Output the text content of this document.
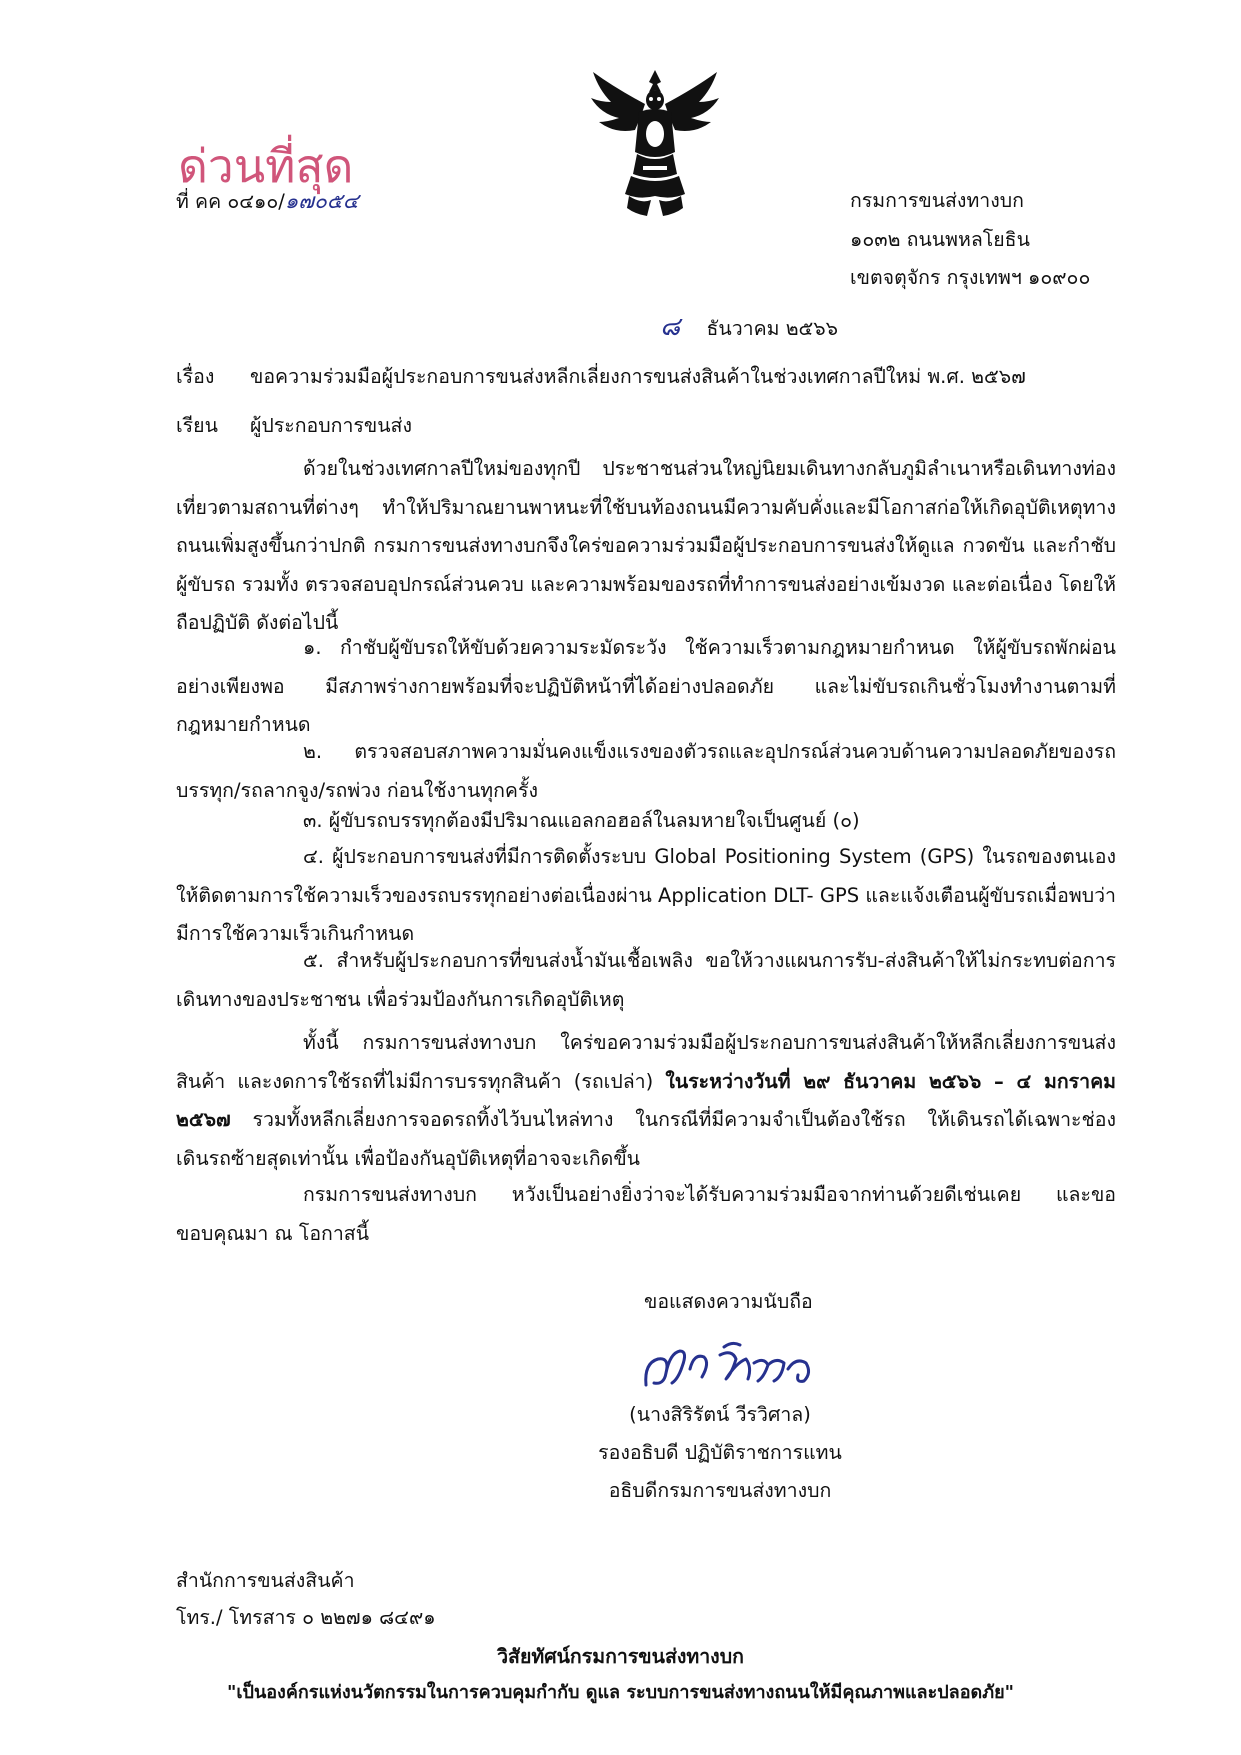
ด่วนที่สุด
ที่ คค ๐๔๑๐/๑๗๐๕๔	กรมการขนส่งทางบก
๑๐๓๒ ถนนพหลโยธิน
เขตจตุจักร กรุงเทพฯ ๑๐๙๐๐
๘ ธันวาคม ๒๕๖๖
เรื่อง ขอความร่วมมือผู้ประกอบการขนส่งหลีกเลี่ยงการขนส่งสินค้าในช่วงเทศกาลปีใหม่ พ.ศ. ๒๕๖๗
เรียน ผู้ประกอบการขนส่ง
ด้วยในช่วงเทศกาลปีใหม่ของทุกปี ประชาชนส่วนใหญ่นิยมเดินทางกลับภูมิลำเนาหรือเดินทางท่องเที่ยวตามสถานที่ต่างๆ ทำให้ปริมาณยานพาหนะที่ใช้บนท้องถนนมีความคับคั่งและมีโอกาสก่อให้เกิดอุบัติเหตุทางถนนเพิ่มสูงขึ้นกว่าปกติ กรมการขนส่งทางบกจึงใคร่ขอความร่วมมือผู้ประกอบการขนส่งให้ดูแล กวดขัน และกำชับผู้ขับรถ รวมทั้ง ตรวจสอบอุปกรณ์ส่วนควบ และความพร้อมของรถที่ทำการขนส่งอย่างเข้มงวด และต่อเนื่อง โดยให้ถือปฏิบัติ ดังต่อไปนี้
๑. กำชับผู้ขับรถให้ขับด้วยความระมัดระวัง ใช้ความเร็วตามกฎหมายกำหนด ให้ผู้ขับรถพักผ่อนอย่างเพียงพอ มีสภาพร่างกายพร้อมที่จะปฏิบัติหน้าที่ได้อย่างปลอดภัย และไม่ขับรถเกินชั่วโมงทำงานตามที่กฎหมายกำหนด
๒. ตรวจสอบสภาพความมั่นคงแข็งแรงของตัวรถและอุปกรณ์ส่วนควบด้านความปลอดภัยของรถบรรทุก/รถลากจูง/รถพ่วง ก่อนใช้งานทุกครั้ง
๓. ผู้ขับรถบรรทุกต้องมีปริมาณแอลกอฮอล์ในลมหายใจเป็นศูนย์ (๐)
๔. ผู้ประกอบการขนส่งที่มีการติดตั้งระบบ Global Positioning System (GPS) ในรถของตนเอง ให้ติดตามการใช้ความเร็วของรถบรรทุกอย่างต่อเนื่องผ่าน Application DLT- GPS และแจ้งเตือนผู้ขับรถเมื่อพบว่ามีการใช้ความเร็วเกินกำหนด
๕. สำหรับผู้ประกอบการที่ขนส่งน้ำมันเชื้อเพลิง ขอให้วางแผนการรับ-ส่งสินค้าให้ไม่กระทบต่อการเดินทางของประชาชน เพื่อร่วมป้องกันการเกิดอุบัติเหตุ
ทั้งนี้ กรมการขนส่งทางบก ใคร่ขอความร่วมมือผู้ประกอบการขนส่งสินค้าให้หลีกเลี่ยงการขนส่งสินค้า และงดการใช้รถที่ไม่มีการบรรทุกสินค้า (รถเปล่า) ในระหว่างวันที่ ๒๙ ธันวาคม ๒๕๖๖ – ๔ มกราคม ๒๕๖๗ รวมทั้งหลีกเลี่ยงการจอดรถทิ้งไว้บนไหล่ทาง ในกรณีที่มีความจำเป็นต้องใช้รถ ให้เดินรถได้เฉพาะช่องเดินรถซ้ายสุดเท่านั้น เพื่อป้องกันอุบัติเหตุที่อาจจะเกิดขึ้น
กรมการขนส่งทางบก หวังเป็นอย่างยิ่งว่าจะได้รับความร่วมมือจากท่านด้วยดีเช่นเคย และขอขอบคุณมา ณ โอกาสนี้
ขอแสดงความนับถือ
(นางสิริรัตน์ วีรวิศาล)
รองอธิบดี ปฏิบัติราชการแทน
อธิบดีกรมการขนส่งทางบก
สำนักการขนส่งสินค้า
โทร./ โทรสาร ๐ ๒๒๗๑ ๘๔๙๑
วิสัยทัศน์กรมการขนส่งทางบก
"เป็นองค์กรแห่งนวัตกรรมในการควบคุมกำกับ ดูแล ระบบการขนส่งทางถนนให้มีคุณภาพและปลอดภัย"
